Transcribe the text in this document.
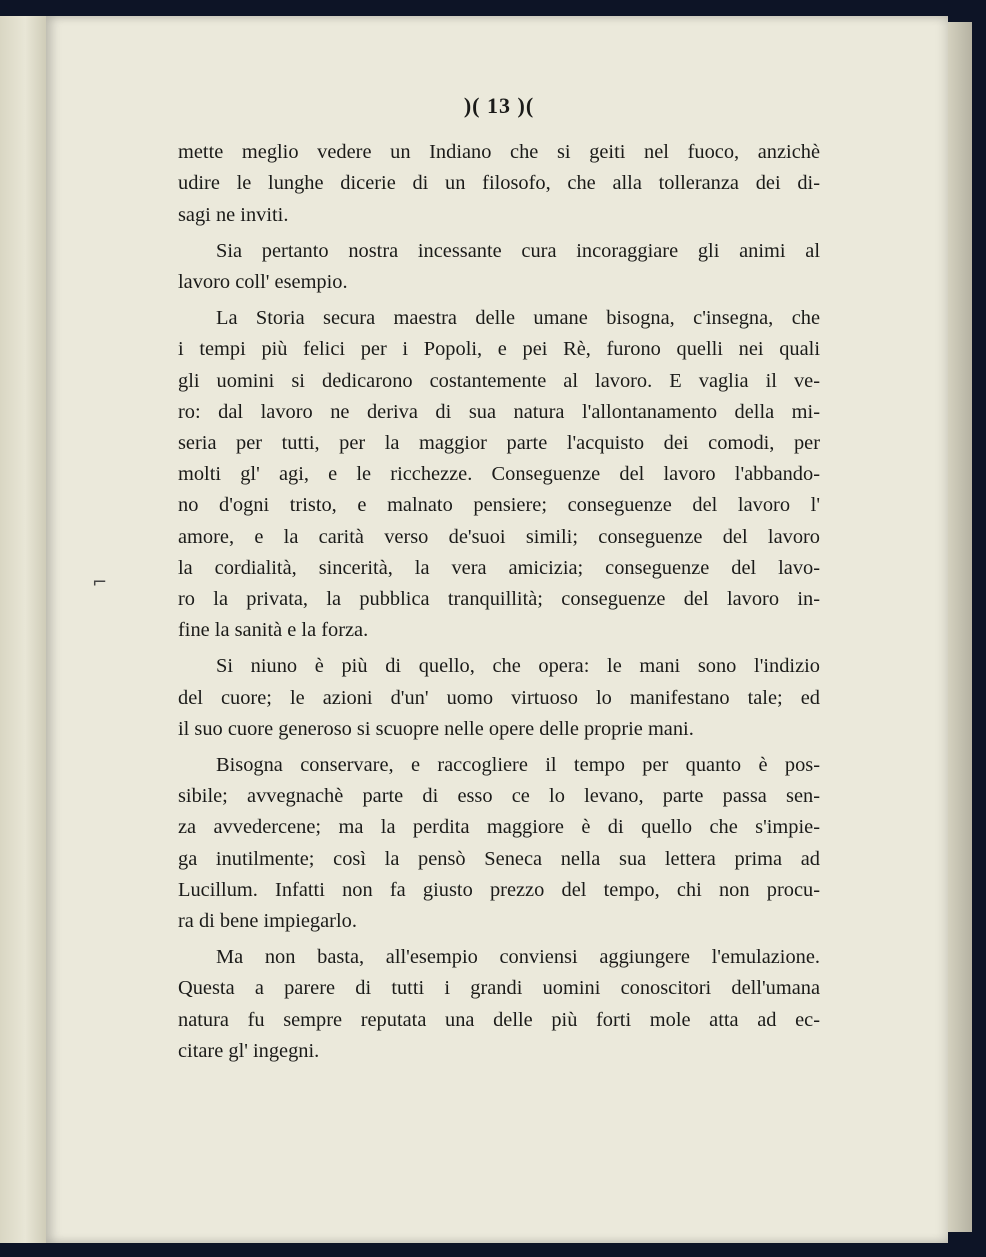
⌐
)( 13 )(
mette meglio vedere un Indiano che si geiti nel fuoco, anzichè
udire le lunghe dicerie di un filosofo, che alla tolleranza dei di-
sagi ne inviti.
Sia pertanto nostra incessante cura incoraggiare gli animi al
lavoro coll' esempio.
La Storia secura maestra delle umane bisogna, c'insegna, che
i tempi più felici per i Popoli, e pei Rè, furono quelli nei quali
gli uomini si dedicarono costantemente al lavoro. E vaglia il ve-
ro: dal lavoro ne deriva di sua natura l'allontanamento della mi-
seria per tutti, per la maggior parte l'acquisto dei comodi, per
molti gl' agi, e le ricchezze. Conseguenze del lavoro l'abbando-
no d'ogni tristo, e malnato pensiere; conseguenze del lavoro l'
amore, e la carità verso de'suoi simili; conseguenze del lavoro
la cordialità, sincerità, la vera amicizia; conseguenze del lavo-
ro la privata, la pubblica tranquillità; conseguenze del lavoro in-
fine la sanità e la forza.
Si niuno è più di quello, che opera: le mani sono l'indizio
del cuore; le azioni d'un' uomo virtuoso lo manifestano tale; ed
il suo cuore generoso si scuopre nelle opere delle proprie mani.
Bisogna conservare, e raccogliere il tempo per quanto è pos-
sibile; avvegnachè parte di esso ce lo levano, parte passa sen-
za avvedercene; ma la perdita maggiore è di quello che s'impie-
ga inutilmente; così la pensò Seneca nella sua lettera prima ad
Lucillum. Infatti non fa giusto prezzo del tempo, chi non procu-
ra di bene impiegarlo.
Ma non basta, all'esempio conviensi aggiungere l'emulazione.
Questa a parere di tutti i grandi uomini conoscitori dell'umana
natura fu sempre reputata una delle più forti mole atta ad ec-
citare gl' ingegni.
